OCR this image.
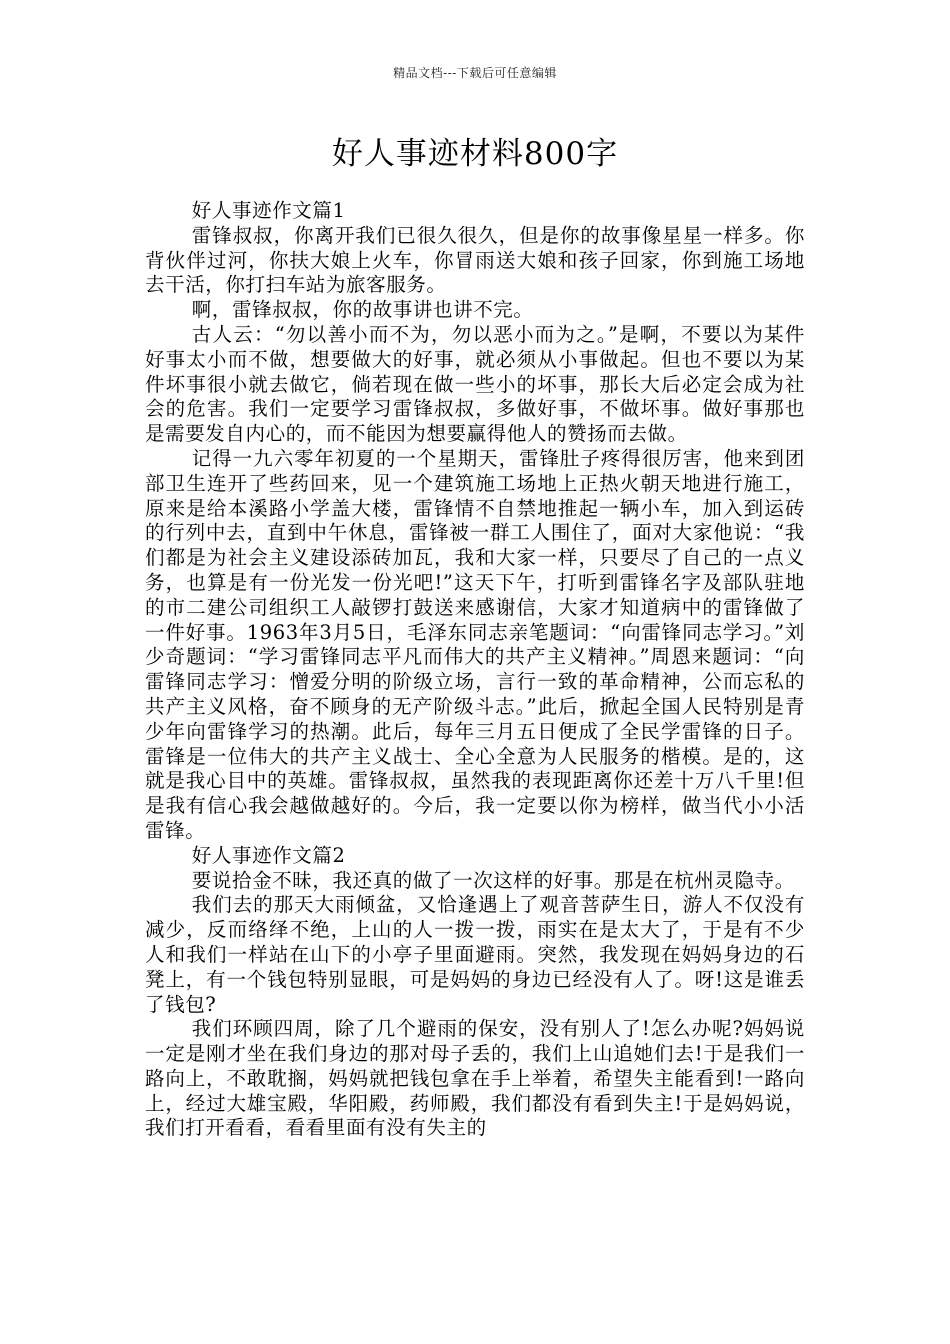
精品文档---下载后可任意编辑
好人事迹材料800字

好人事迹作文篇1

雷锋叔叔，你离开我们已很久很久，但是你的故事像星星一样多。你背伙伴过河，你扶大娘上火车，你冒雨送大娘和孩子回家，你到施工场地去干活，你打扫车站为旅客服务。

啊，雷锋叔叔，你的故事讲也讲不完。

古人云：“勿以善小而不为，勿以恶小而为之。”是啊，不要以为某件好事太小而不做，想要做大的好事，就必须从小事做起。但也不要以为某件坏事很小就去做它，倘若现在做一些小的坏事，那长大后必定会成为社会的危害。我们一定要学习雷锋叔叔，多做好事，不做坏事。做好事那也是需要发自内心的，而不能因为想要赢得他人的赞扬而去做。

记得一九六零年初夏的一个星期天，雷锋肚子疼得很厉害，他来到团部卫生连开了些药回来，见一个建筑施工场地上正热火朝天地进行施工，原来是给本溪路小学盖大楼，雷锋情不自禁地推起一辆小车，加入到运砖的行列中去，直到中午休息，雷锋被一群工人围住了，面对大家他说：“我们都是为社会主义建设添砖加瓦，我和大家一样，只要尽了自己的一点义务，也算是有一份光发一份光吧!”这天下午，打听到雷锋名字及部队驻地的市二建公司组织工人敲锣打鼓送来感谢信，大家才知道病中的雷锋做了一件好事。1963年3月5日，毛泽东同志亲笔题词：“向雷锋同志学习。”刘少奇题词：“学习雷锋同志平凡而伟大的共产主义精神。”周恩来题词：“向雷锋同志学习：憎爱分明的阶级立场，言行一致的革命精神，公而忘私的共产主义风格，奋不顾身的无产阶级斗志。”此后，掀起全国人民特别是青少年向雷锋学习的热潮。此后，每年三月五日便成了全民学雷锋的日子。雷锋是一位伟大的共产主义战士、全心全意为人民服务的楷模。是的，这就是我心目中的英雄。雷锋叔叔，虽然我的表现距离你还差十万八千里!但是我有信心我会越做越好的。今后，我一定要以你为榜样，做当代小小活雷锋。

好人事迹作文篇2

要说拾金不昧，我还真的做了一次这样的好事。那是在杭州灵隐寺。

我们去的那天大雨倾盆，又恰逢遇上了观音菩萨生日，游人不仅没有减少，反而络绎不绝，上山的人一拨一拨，雨实在是太大了，于是有不少人和我们一样站在山下的小亭子里面避雨。突然，我发现在妈妈身边的石凳上，有一个钱包特别显眼，可是妈妈的身边已经没有人了。呀!这是谁丢了钱包?

我们环顾四周，除了几个避雨的保安，没有别人了!怎么办呢?妈妈说一定是刚才坐在我们身边的那对母子丢的，我们上山追她们去!于是我们一路向上，不敢耽搁，妈妈就把钱包拿在手上举着，希望失主能看到!一路向上，经过大雄宝殿，华阳殿，药师殿，我们都没有看到失主!于是妈妈说，我们打开看看，看看里面有没有失主的
